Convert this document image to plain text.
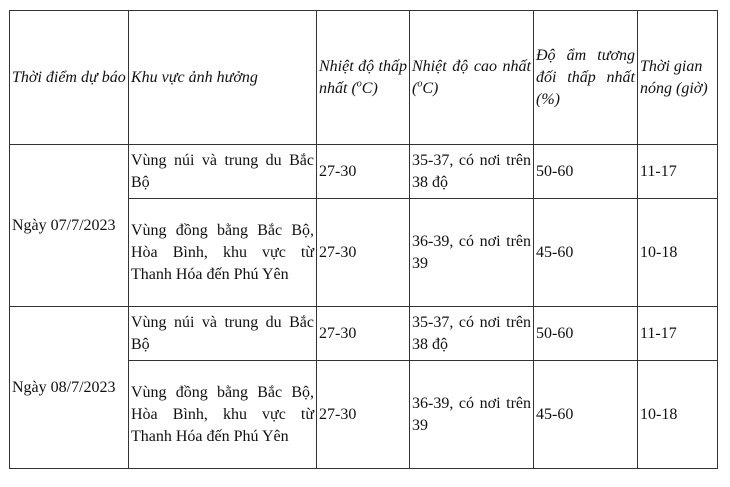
Thời điểm dự báo	Khu vực ảnh hưởng	Nhiệt độ thấp nhất ($^o$C)	Nhiệt độ cao nhất ($^o$C)	Độ ẩm tương đối thấp nhất (%)	Thời gian nóng (giờ)
Ngày 07/7/2023	Vùng núi và trung du Bắc Bộ	27-30	35-37, có nơi trên 38 độ	50-60	11-17
	Vùng đồng bằng Bắc Bộ, Hòa Bình, khu vực từ Thanh Hóa đến Phú Yên	27-30	36-39, có nơi trên 39	45-60	10-18
Ngày 08/7/2023	Vùng núi và trung du Bắc Bộ	27-30	35-37, có nơi trên 38 độ	50-60	11-17
	Vùng đồng bằng Bắc Bộ, Hòa Bình, khu vực từ Thanh Hóa đến Phú Yên	27-30	36-39, có nơi trên 39	45-60	10-18
